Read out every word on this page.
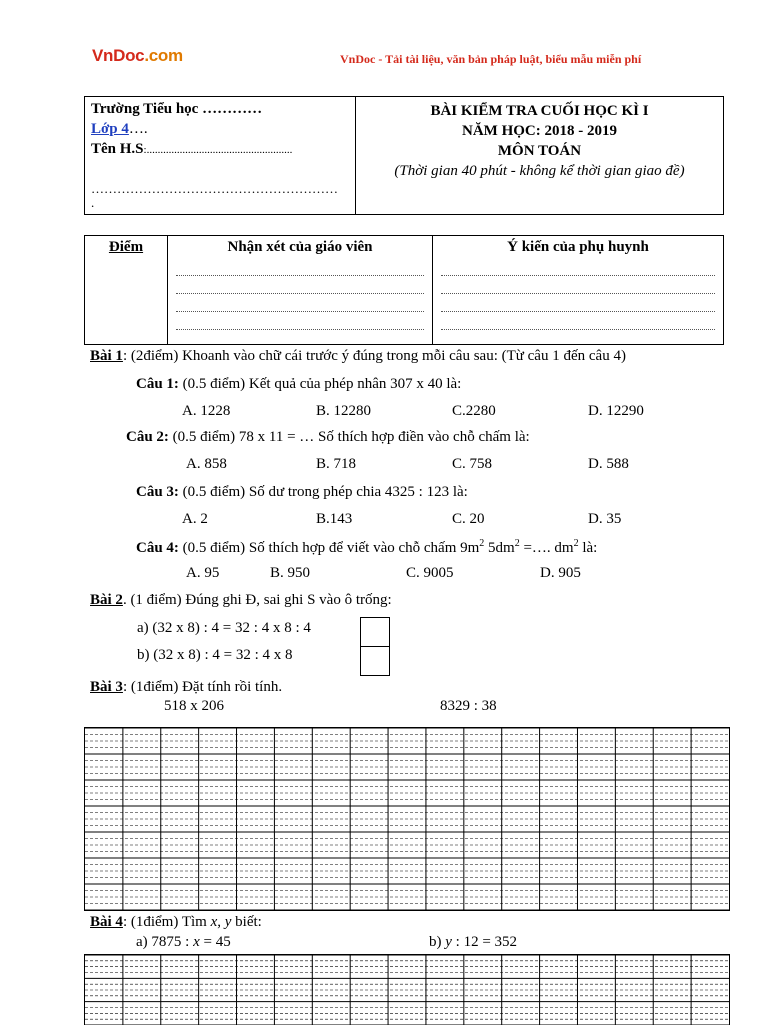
VnDoc.com	VnDoc - Tải tài liệu, văn bản pháp luật, biểu mẫu miễn phí
Trường Tiểu học …………
Lớp 4….
Tên H.S:.....................................................
…………………………………………………
.

BÀI KIỂM TRA CUỐI HỌC KÌ I
NĂM HỌC: 2018 - 2019
MÔN TOÁN
(Thời gian 40 phút - không kể thời gian giao đề)
Điểm	Nhận xét của giáo viên	Ý kiến của phụ huynh
Bài 1: (2điểm) Khoanh vào chữ cái trước ý đúng trong mỗi câu sau: (Từ câu 1 đến câu 4)
Câu 1: (0.5 điểm) Kết quả của phép nhân 307 x 40 là:
A. 1228	B. 12280	C.2280	D. 12290
Câu 2: (0.5 điểm) 78 x 11 = … Số thích hợp điền vào chỗ chấm là:
A. 858	B. 718	C. 758	D. 588
Câu 3: (0.5 điểm) Số dư trong phép chia 4325 : 123 là:
A. 2	B.143	C. 20	D. 35
Câu 4: (0.5 điểm) Số thích hợp để viết vào chỗ chấm $9m^2$ $5dm^2$ =…. $dm^2$ là:
A. 95	B. 950	C. 9005	D. 905
Bài 2. (1 điểm) Đúng ghi Đ, sai ghi S vào ô trống:
a) (32 x 8) : 4 = 32 : 4 x 8 : 4
b) (32 x 8) : 4 = 32 : 4 x 8
Bài 3: (1điểm) Đặt tính rồi tính.
518 x 206	8329 : 38
Bài 4: (1điểm) Tìm x, y biết:
a) 7875 : x = 45	b) y : 12 = 352
